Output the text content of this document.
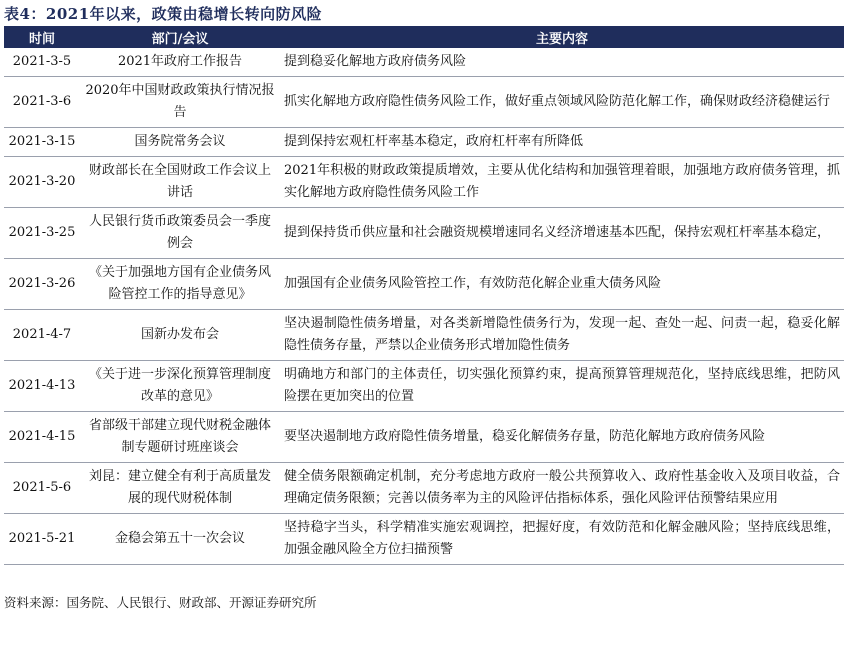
表4：2021年以来，政策由稳增长转向防风险
时间	部门/会议	主要内容
2021-3-5	2021年政府工作报告	提到稳妥化解地方政府债务风险
2021-3-6	2020年中国财政政策执行情况报告	抓实化解地方政府隐性债务风险工作，做好重点领域风险防范化解工作，确保财政经济稳健运行
2021-3-15	国务院常务会议	提到保持宏观杠杆率基本稳定，政府杠杆率有所降低
2021-3-20	财政部长在全国财政工作会议上讲话	2021年积极的财政政策提质增效，主要从优化结构和加强管理着眼，加强地方政府债务管理，抓实化解地方政府隐性债务风险工作
2021-3-25	人民银行货币政策委员会一季度例会	提到保持货币供应量和社会融资规模增速同名义经济增速基本匹配，保持宏观杠杆率基本稳定，
2021-3-26	《关于加强地方国有企业债务风险管控工作的指导意见》	加强国有企业债务风险管控工作，有效防范化解企业重大债务风险
2021-4-7	国新办发布会	坚决遏制隐性债务增量，对各类新增隐性债务行为，发现一起、查处一起、问责一起，稳妥化解隐性债务存量，严禁以企业债务形式增加隐性债务
2021-4-13	《关于进一步深化预算管理制度改革的意见》	明确地方和部门的主体责任，切实强化预算约束，提高预算管理规范化，坚持底线思维，把防风险摆在更加突出的位置
2021-4-15	省部级干部建立现代财税金融体制专题研讨班座谈会	要坚决遏制地方政府隐性债务增量，稳妥化解债务存量，防范化解地方政府债务风险
2021-5-6	刘昆：建立健全有利于高质量发展的现代财税体制	健全债务限额确定机制，充分考虑地方政府一般公共预算收入、政府性基金收入及项目收益，合理确定债务限额；完善以债务率为主的风险评估指标体系，强化风险评估预警结果应用
2021-5-21	金稳会第五十一次会议	坚持稳字当头，科学精准实施宏观调控，把握好度，有效防范和化解金融风险；坚持底线思维，加强金融风险全方位扫描预警
资料来源：国务院、人民银行、财政部、开源证券研究所
